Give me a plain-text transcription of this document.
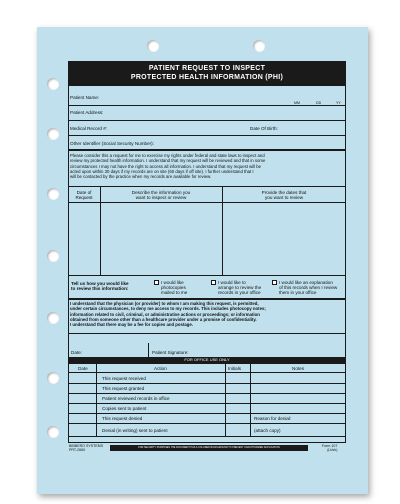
PATIENT REQUEST TO INSPECT
PROTECTED HEALTH INFORMATION (PHI)
Patient Name:
MM	DD	YY
Patient Address:
Medical Record #:	Date Of Birth:
Other Identifier (Social Security Number):
Please consider this a request for me to exercise my rights under federal and state laws to inspect and
review my protected health information. I understand that my request will be reviewed and that in some
circumstances I may not have the right to access all information. I understand that my request will be
acted upon within 30 days if my records are on site (60 days if off site). I further understand that I
will be contacted by the practice when my records are available for review.
Date of
Request
Describe the information you
want to inspect or review
Provide the dates that
you want to review
Tell us how you would like
to review this information:
I would like
photocopies
mailed to me
I would like to
arrange to review the
records in your office
I would like an explanation
of this records when I review
them in your office
I understand that the physician (or provider) to whom I am making this request, is permitted,
under certain circumstances, to deny me access to my records. This includes photocopy notes;
information related to civil, criminal, or administrative actions or proceedings; or information
obtained from someone other than a healthcare provider under a promise of confidentiality.
I understand that there may be a fee for copies and postage.
Date:	Patient Signature:
FOR OFFICE USE ONLY
Date	Action	Initials	Notes
This request received
This request granted
Patient reviewed records in office
Copies sent to patient
This request denied
Denial (in writing) sent to patient
Reason for denial:
(attach copy)
BIBBERO SYSTEMS
PRT-2660
FOR SECURITY PURPOSES THE DOCUMENT HAS A COLORED BACKGROUND TO PREVENT UNAUTHORIZED DUPLICATION	Form 107
(Lt/sh)
